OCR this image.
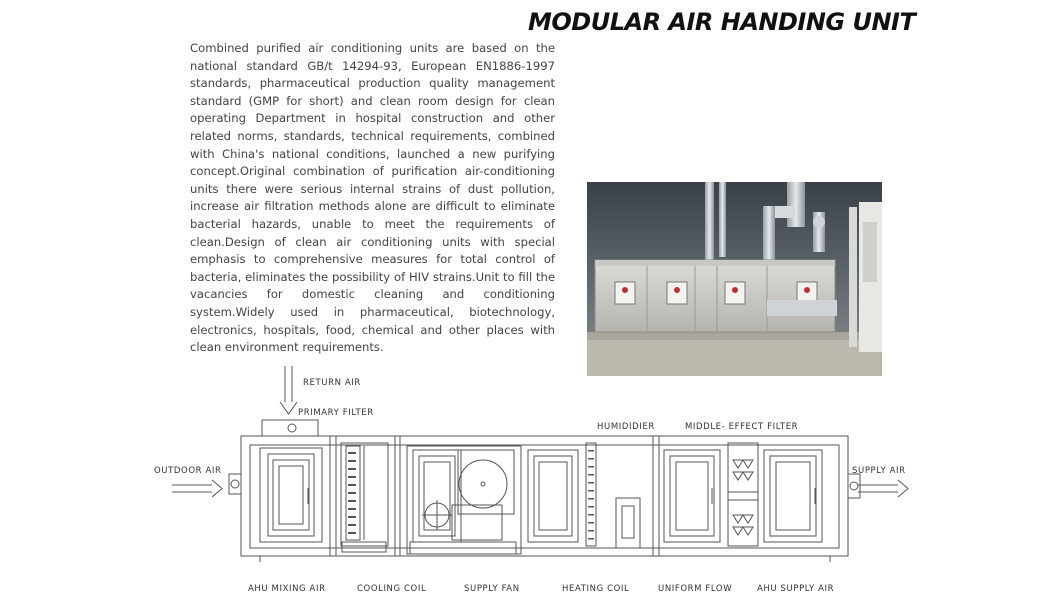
MODULAR AIR HANDING UNIT
Combined purified air conditioning units are based on the national standard GB/t 14294-93, European EN1886-1997 standards, pharmaceutical production quality management standard (GMP for short) and clean room design for clean operating Department in hospital construction and other related norms, standards, technical requirements, combined with China's national conditions, launched a new purifying concept.Original combination of purification air-conditioning units there were serious internal strains of dust pollution, increase air filtration methods alone are difficult to eliminate bacterial hazards, unable to meet the requirements of clean.Design of clean air conditioning units with special emphasis to comprehensive measures for total control of bacteria, eliminates the possibility of HIV strains.Unit to fill the vacancies for domestic cleaning and conditioning system.Widely used in pharmaceutical, biotechnology, electronics, hospitals, food, chemical and other places with clean environment requirements.
RETURN AIR
PRIMARY FILTER
OUTDOOR AIR	SUPPLY AIR
HUMIDIDIER	MIDDLE- EFFECT FILTER
AHU MIXING AIR	COOLING COIL	SUPPLY FAN	HEATING COIL	UNIFORM FLOW	AHU SUPPLY AIR
